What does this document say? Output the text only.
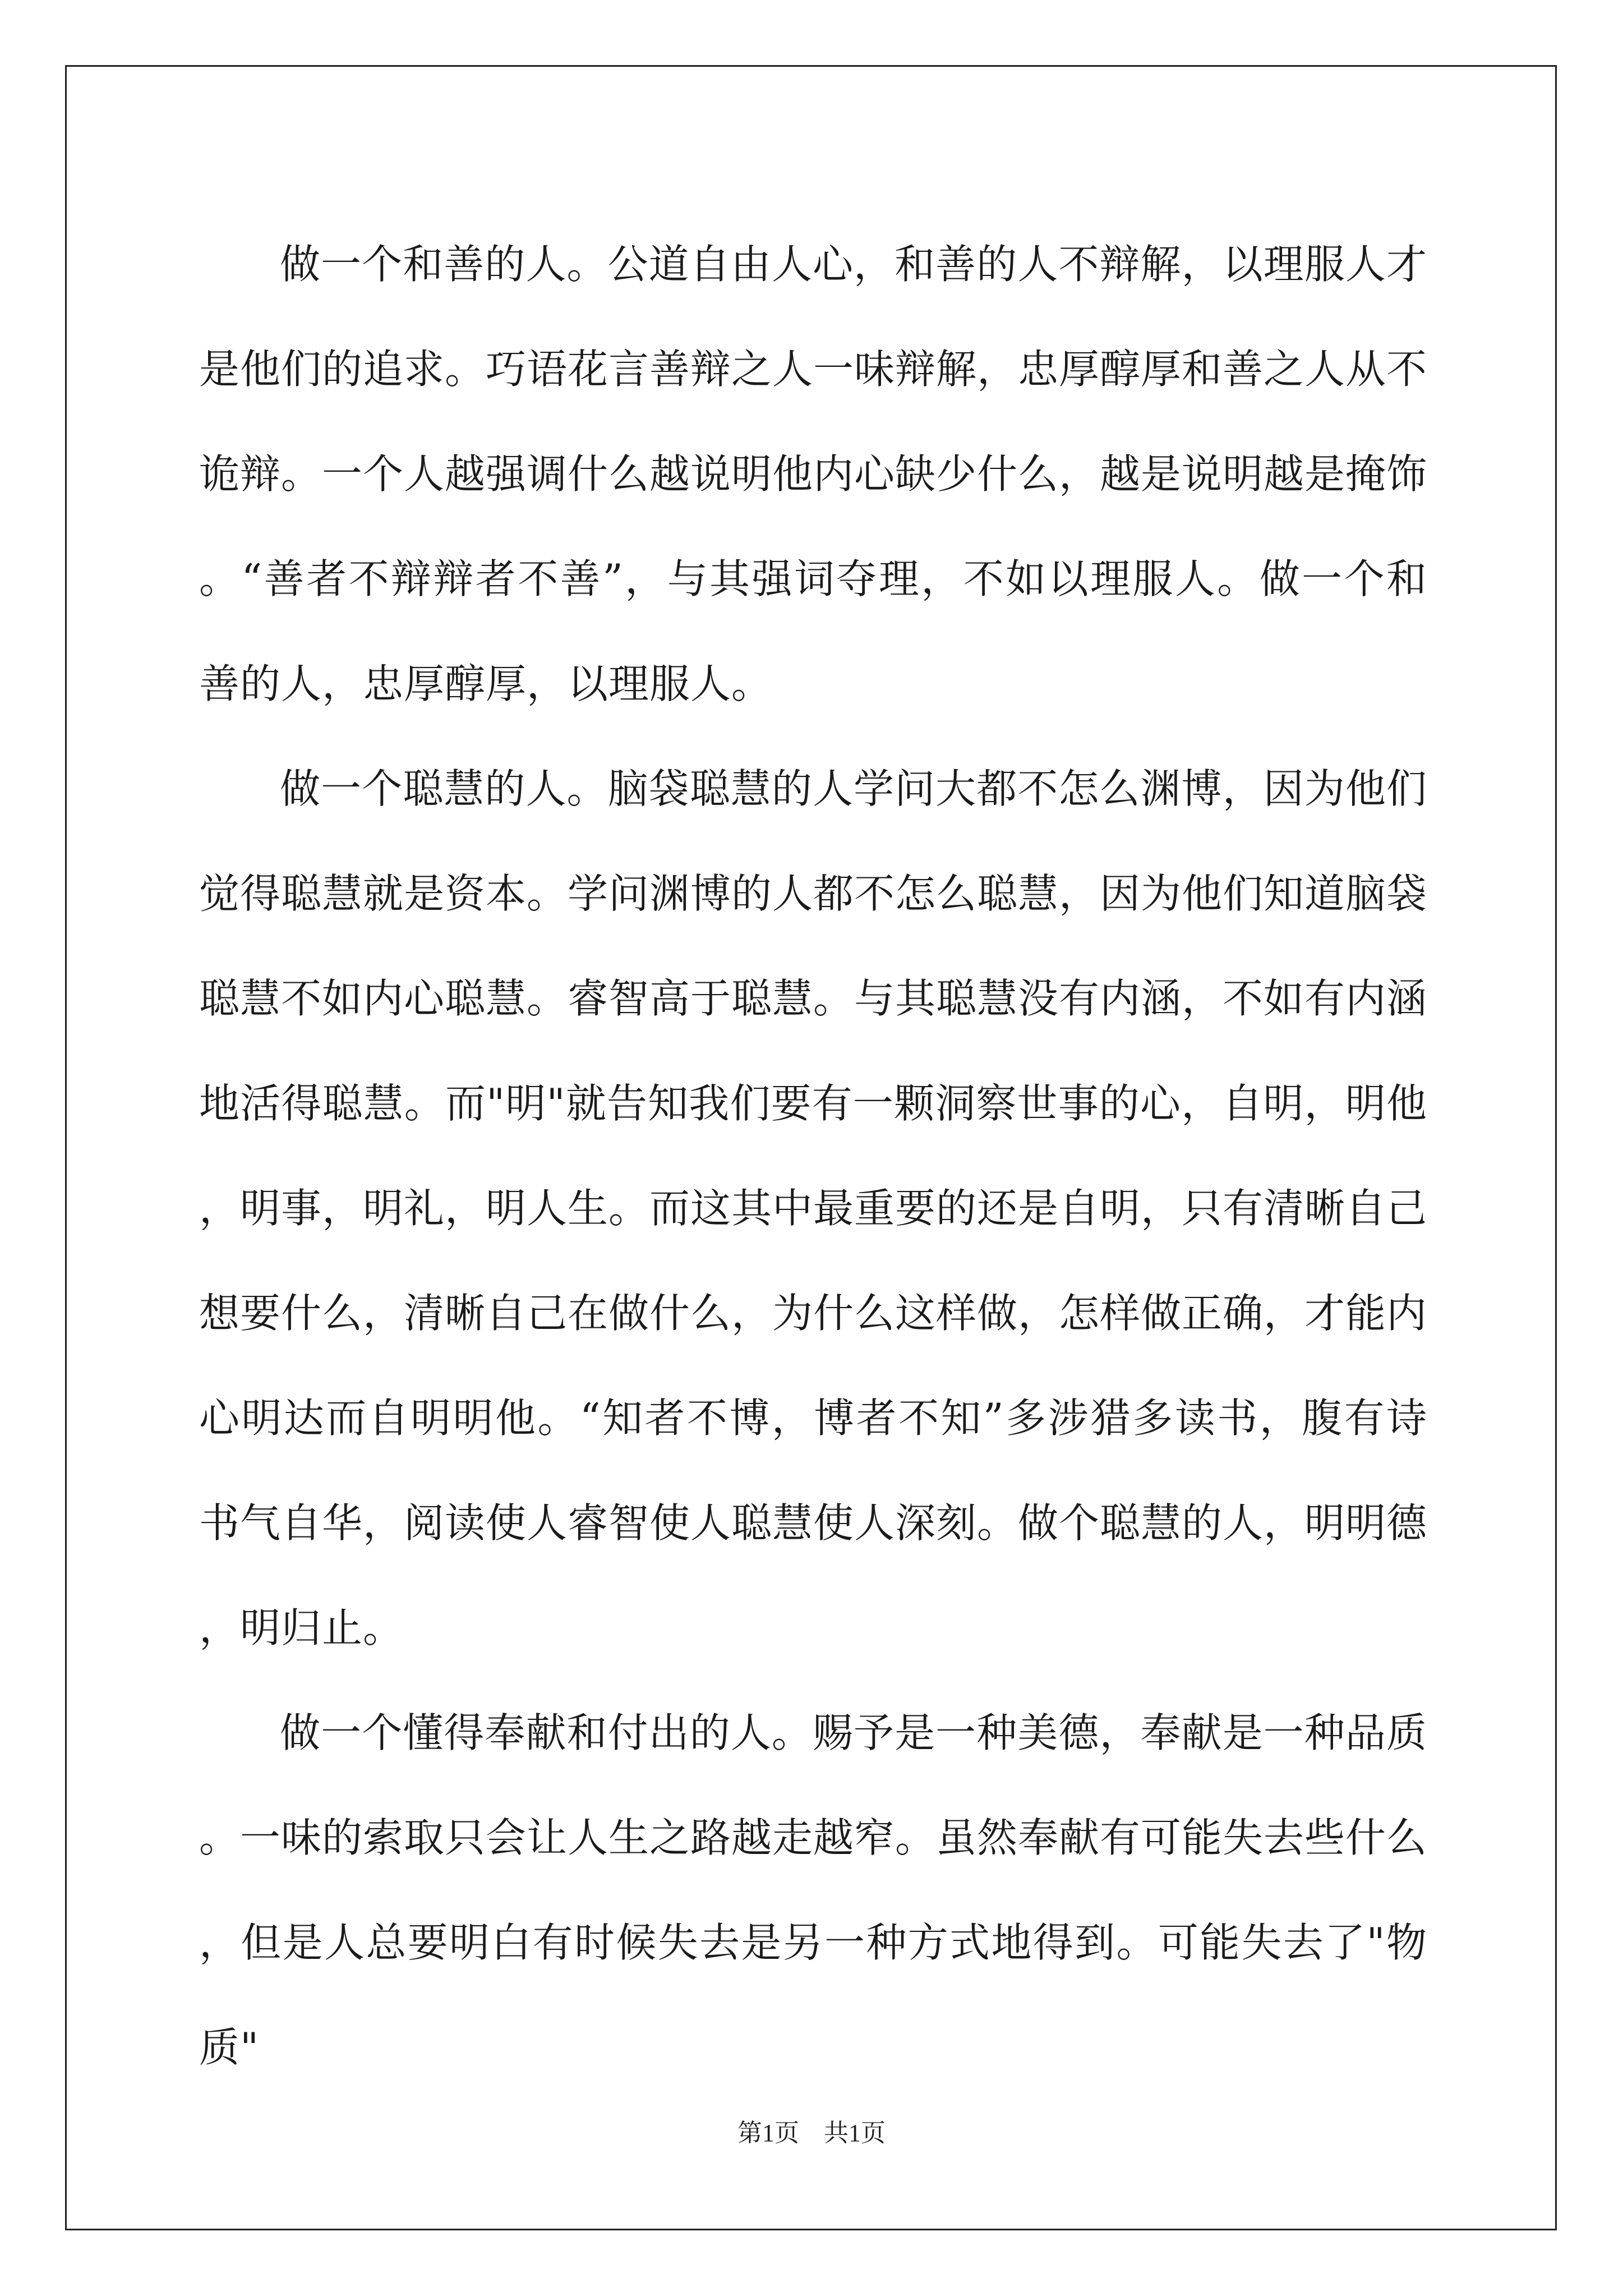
做一个和善的人。公道自由人心，和善的人不辩解，以理服人才是他们的追求。巧语花言善辩之人一味辩解，忠厚醇厚和善之人从不诡辩。一个人越强调什么越说明他内心缺少什么，越是说明越是掩饰。“善者不辩辩者不善”，与其强词夺理，不如以理服人。做一个和善的人，忠厚醇厚，以理服人。

做一个聪慧的人。脑袋聪慧的人学问大都不怎么渊博，因为他们觉得聪慧就是资本。学问渊博的人都不怎么聪慧，因为他们知道脑袋聪慧不如内心聪慧。睿智高于聪慧。与其聪慧没有内涵，不如有内涵地活得聪慧。而"明"就告知我们要有一颗洞察世事的心，自明，明他，明事，明礼，明人生。而这其中最重要的还是自明，只有清晰自己想要什么，清晰自己在做什么，为什么这样做，怎样做正确，才能内心明达而自明明他。“知者不博，博者不知”多涉猎多读书，腹有诗书气自华，阅读使人睿智使人聪慧使人深刻。做个聪慧的人，明明德，明归止。

做一个懂得奉献和付出的人。赐予是一种美德，奉献是一种品质。一味的索取只会让人生之路越走越窄。虽然奉献有可能失去些什么，但是人总要明白有时候失去是另一种方式地得到。可能失去了"物质"

第1页　共1页
